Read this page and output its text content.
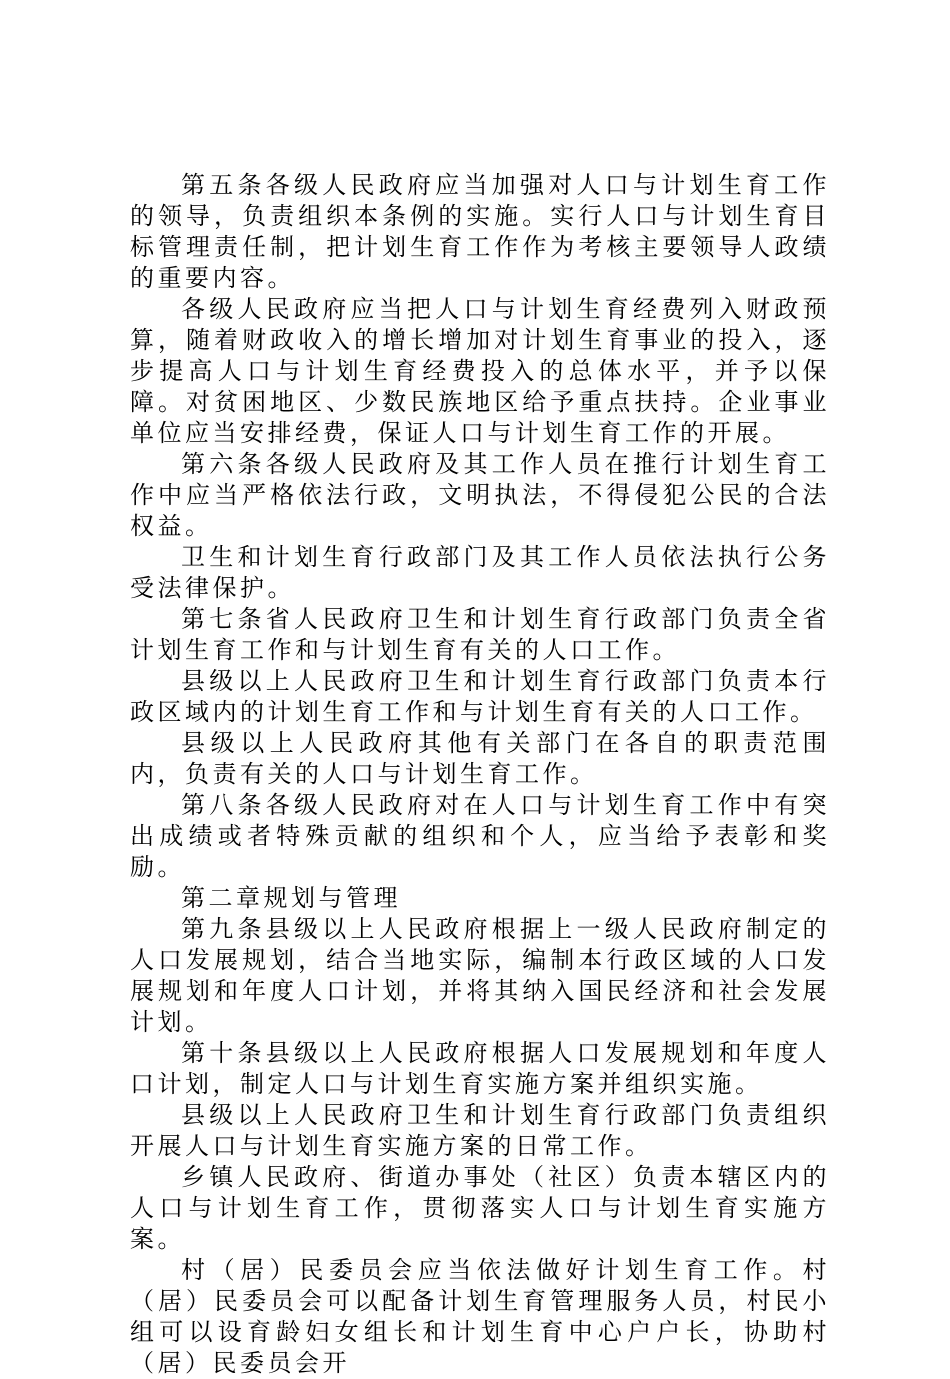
第五条各级人民政府应当加强对人口与计划生育工作的领导，负责组织本条例的实施。实行人口与计划生育目标管理责任制，把计划生育工作作为考核主要领导人政绩的重要内容。

各级人民政府应当把人口与计划生育经费列入财政预算，随着财政收入的增长增加对计划生育事业的投入，逐步提高人口与计划生育经费投入的总体水平，并予以保障。对贫困地区、少数民族地区给予重点扶持。企业事业单位应当安排经费，保证人口与计划生育工作的开展。

第六条各级人民政府及其工作人员在推行计划生育工作中应当严格依法行政，文明执法，不得侵犯公民的合法权益。

卫生和计划生育行政部门及其工作人员依法执行公务受法律保护。

第七条省人民政府卫生和计划生育行政部门负责全省计划生育工作和与计划生育有关的人口工作。

县级以上人民政府卫生和计划生育行政部门负责本行政区域内的计划生育工作和与计划生育有关的人口工作。

县级以上人民政府其他有关部门在各自的职责范围内，负责有关的人口与计划生育工作。

第八条各级人民政府对在人口与计划生育工作中有突出成绩或者特殊贡献的组织和个人，应当给予表彰和奖励。

第二章规划与管理

第九条县级以上人民政府根据上一级人民政府制定的人口发展规划，结合当地实际，编制本行政区域的人口发展规划和年度人口计划，并将其纳入国民经济和社会发展计划。

第十条县级以上人民政府根据人口发展规划和年度人口计划，制定人口与计划生育实施方案并组织实施。

县级以上人民政府卫生和计划生育行政部门负责组织开展人口与计划生育实施方案的日常工作。

乡镇人民政府、街道办事处（社区）负责本辖区内的人口与计划生育工作，贯彻落实人口与计划生育实施方案。

村（居）民委员会应当依法做好计划生育工作。村（居）民委员会可以配备计划生育管理服务人员，村民小组可以设育龄妇女组长和计划生育中心户户长，协助村（居）民委员会开
